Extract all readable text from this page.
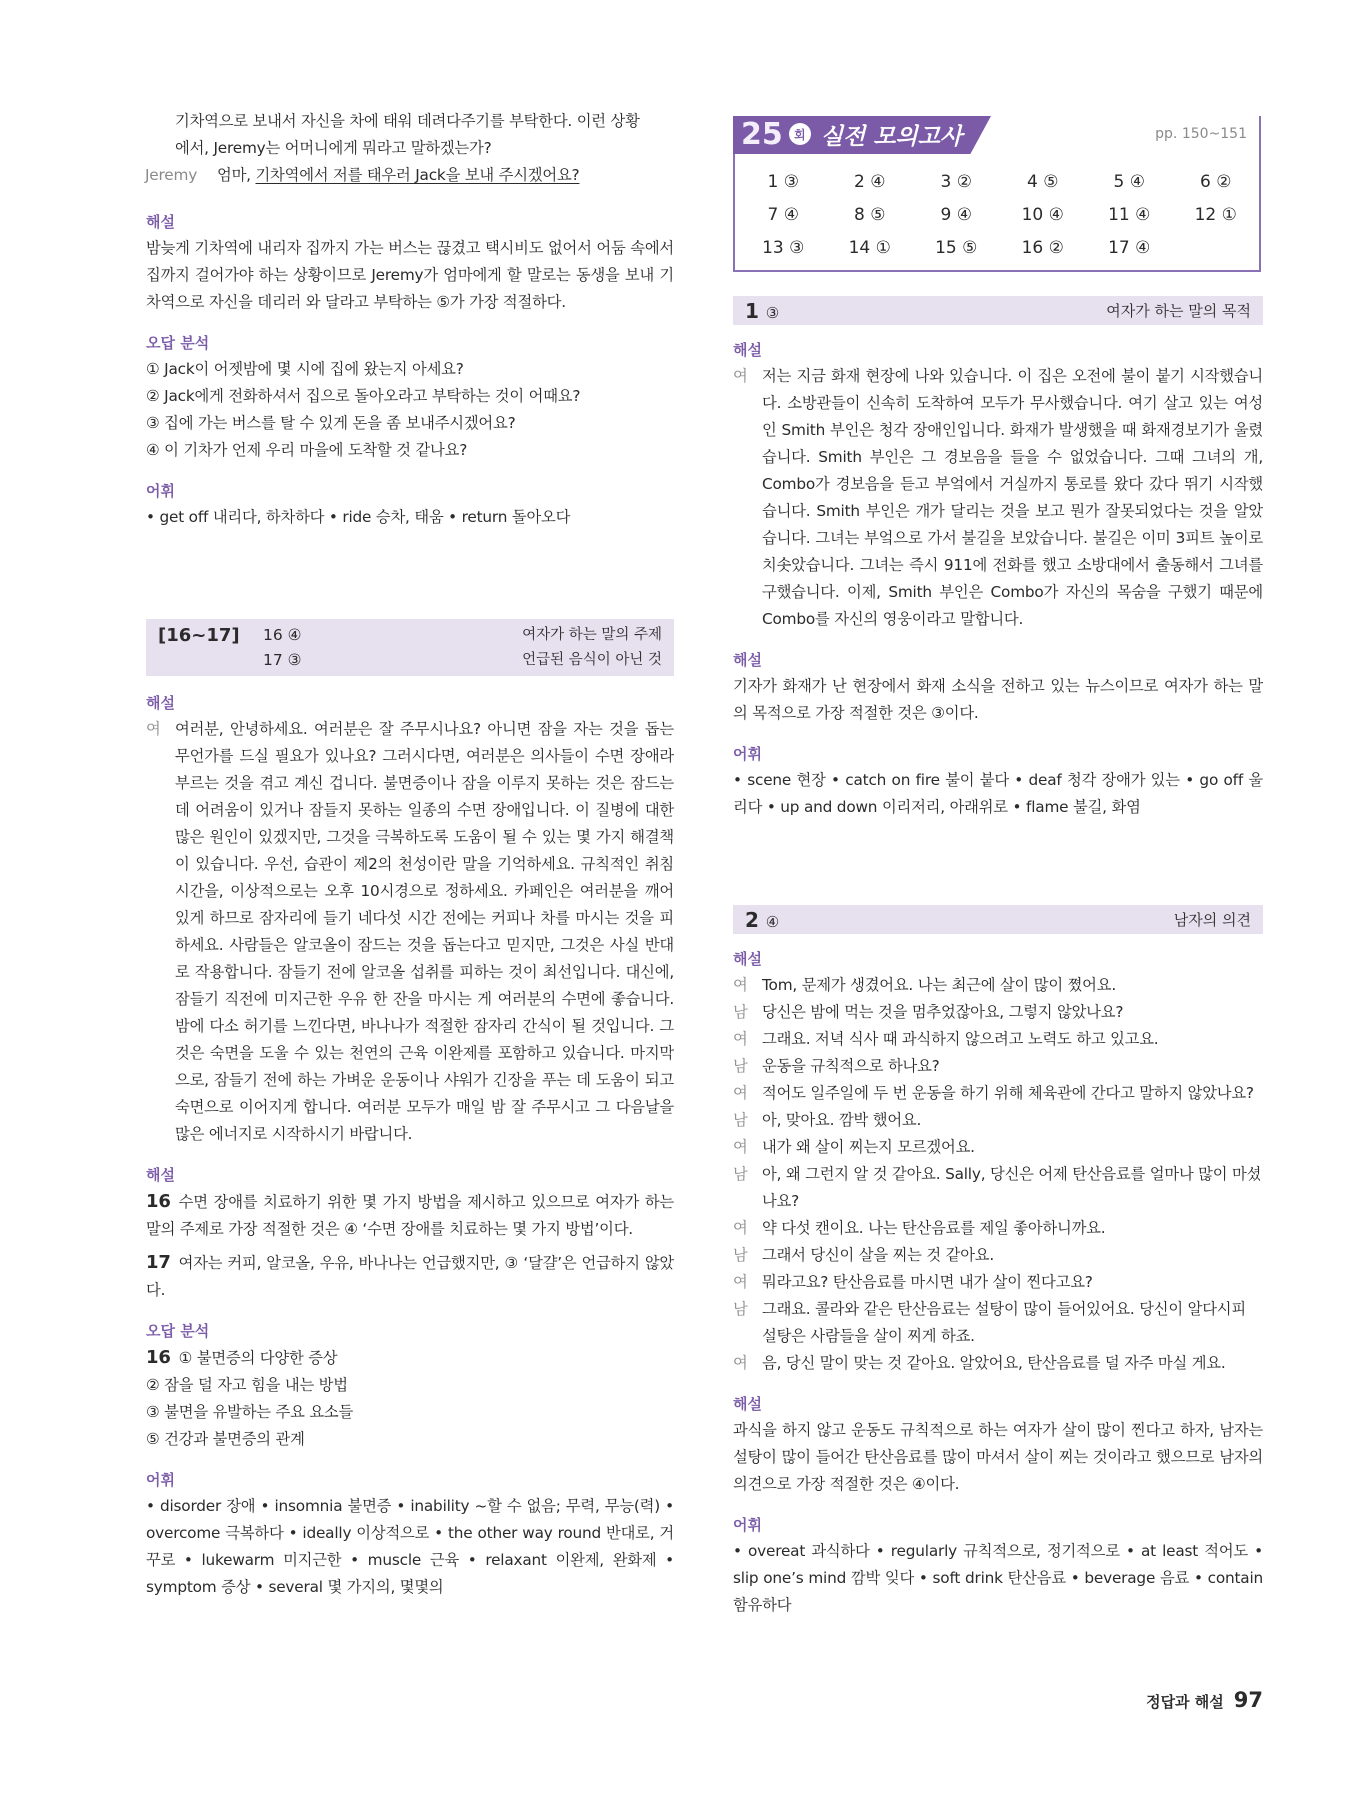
기차역으로 보내서 자신을 차에 태워 데려다주기를 부탁한다. 이런 상황
에서, Jeremy는 어머니에게 뭐라고 말하겠는가?
Jeremy 엄마, 기차역에서 저를 태우러 Jack을 보내 주시겠어요?
해설
밤늦게 기차역에 내리자 집까지 가는 버스는 끊겼고 택시비도 없어서 어둠 속에서 집까지 걸어가야 하는 상황이므로 Jeremy가 엄마에게 할 말로는 동생을 보내 기차역으로 자신을 데리러 와 달라고 부탁하는 ⑤가 가장 적절하다.
오답 분석
① Jack이 어젯밤에 몇 시에 집에 왔는지 아세요?
② Jack에게 전화하셔서 집으로 돌아오라고 부탁하는 것이 어때요?
③ 집에 가는 버스를 탈 수 있게 돈을 좀 보내주시겠어요?
④ 이 기차가 언제 우리 마을에 도착할 것 같나요?
어휘
• get off 내리다, 하차하다 • ride 승차, 태움 • return 돌아오다
[16~17]	16 ④	여자가 하는 말의 주제
17 ③	언급된 음식이 아닌 것
해설
여 여러분, 안녕하세요. 여러분은 잘 주무시나요? 아니면 잠을 자는 것을 돕는 무언가를 드실 필요가 있나요? 그러시다면, 여러분은 의사들이 수면 장애라 부르는 것을 겪고 계신 겁니다. 불면증이나 잠을 이루지 못하는 것은 잠드는 데 어려움이 있거나 잠들지 못하는 일종의 수면 장애입니다. 이 질병에 대한 많은 원인이 있겠지만, 그것을 극복하도록 도움이 될 수 있는 몇 가지 해결책이 있습니다. 우선, 습관이 제2의 천성이란 말을 기억하세요. 규칙적인 취침 시간을, 이상적으로는 오후 10시경으로 정하세요. 카페인은 여러분을 깨어 있게 하므로 잠자리에 들기 네다섯 시간 전에는 커피나 차를 마시는 것을 피하세요. 사람들은 알코올이 잠드는 것을 돕는다고 믿지만, 그것은 사실 반대로 작용합니다. 잠들기 전에 알코올 섭취를 피하는 것이 최선입니다. 대신에, 잠들기 직전에 미지근한 우유 한 잔을 마시는 게 여러분의 수면에 좋습니다. 밤에 다소 허기를 느낀다면, 바나나가 적절한 잠자리 간식이 될 것입니다. 그것은 숙면을 도울 수 있는 천연의 근육 이완제를 포함하고 있습니다. 마지막으로, 잠들기 전에 하는 가벼운 운동이나 샤워가 긴장을 푸는 데 도움이 되고 숙면으로 이어지게 합니다. 여러분 모두가 매일 밤 잘 주무시고 그 다음날을 많은 에너지로 시작하시기 바랍니다.
해설
16 수면 장애를 치료하기 위한 몇 가지 방법을 제시하고 있으므로 여자가 하는 말의 주제로 가장 적절한 것은 ④ ‘수면 장애를 치료하는 몇 가지 방법’이다.
17 여자는 커피, 알코올, 우유, 바나나는 언급했지만, ③ ‘달걀’은 언급하지 않았다.
오답 분석
16 ① 불면증의 다양한 증상
② 잠을 덜 자고 힘을 내는 방법
③ 불면을 유발하는 주요 요소들
⑤ 건강과 불면증의 관계
어휘
• disorder 장애 • insomnia 불면증 • inability ~할 수 없음; 무력, 무능(력) • overcome 극복하다 • ideally 이상적으로 • the other way round 반대로, 거꾸로 • lukewarm 미지근한 • muscle 근육 • relaxant 이완제, 완화제 • symptom 증상 • several 몇 가지의, 몇몇의
25 회 실전 모의고사	pp. 150~151
1 ③	2 ④	3 ②	4 ⑤	5 ④	6 ②
7 ④	8 ⑤	9 ④	10 ④	11 ④	12 ①
13 ③	14 ①	15 ⑤	16 ②	17 ④
1 ③	여자가 하는 말의 목적
해설
여 저는 지금 화재 현장에 나와 있습니다. 이 집은 오전에 불이 붙기 시작했습니다. 소방관들이 신속히 도착하여 모두가 무사했습니다. 여기 살고 있는 여성인 Smith 부인은 청각 장애인입니다. 화재가 발생했을 때 화재경보기가 울렸습니다. Smith 부인은 그 경보음을 들을 수 없었습니다. 그때 그녀의 개, Combo가 경보음을 듣고 부엌에서 거실까지 통로를 왔다 갔다 뛰기 시작했습니다. Smith 부인은 개가 달리는 것을 보고 뭔가 잘못되었다는 것을 알았습니다. 그녀는 부엌으로 가서 불길을 보았습니다. 불길은 이미 3피트 높이로 치솟았습니다. 그녀는 즉시 911에 전화를 했고 소방대에서 출동해서 그녀를 구했습니다. 이제, Smith 부인은 Combo가 자신의 목숨을 구했기 때문에 Combo를 자신의 영웅이라고 말합니다.
해설
기자가 화재가 난 현장에서 화재 소식을 전하고 있는 뉴스이므로 여자가 하는 말의 목적으로 가장 적절한 것은 ③이다.
어휘
• scene 현장 • catch on fire 불이 붙다 • deaf 청각 장애가 있는 • go off 울리다 • up and down 이리저리, 아래위로 • flame 불길, 화염
2 ④	남자의 의견
해설
여 Tom, 문제가 생겼어요. 나는 최근에 살이 많이 쪘어요.
남 당신은 밤에 먹는 것을 멈추었잖아요, 그렇지 않았나요?
여 그래요. 저녁 식사 때 과식하지 않으려고 노력도 하고 있고요.
남 운동을 규칙적으로 하나요?
여 적어도 일주일에 두 번 운동을 하기 위해 체육관에 간다고 말하지 않았나요?
남 아, 맞아요. 깜박 했어요.
여 내가 왜 살이 찌는지 모르겠어요.
남 아, 왜 그런지 알 것 같아요. Sally, 당신은 어제 탄산음료를 얼마나 많이 마셨나요?
여 약 다섯 캔이요. 나는 탄산음료를 제일 좋아하니까요.
남 그래서 당신이 살을 찌는 것 같아요.
여 뭐라고요? 탄산음료를 마시면 내가 살이 찐다고요?
남 그래요. 콜라와 같은 탄산음료는 설탕이 많이 들어있어요. 당신이 알다시피 설탕은 사람들을 살이 찌게 하죠.
여 음, 당신 말이 맞는 것 같아요. 알았어요, 탄산음료를 덜 자주 마실 게요.
해설
과식을 하지 않고 운동도 규칙적으로 하는 여자가 살이 많이 찐다고 하자, 남자는 설탕이 많이 들어간 탄산음료를 많이 마셔서 살이 찌는 것이라고 했으므로 남자의 의견으로 가장 적절한 것은 ④이다.
어휘
• overeat 과식하다 • regularly 규칙적으로, 정기적으로 • at least 적어도 • slip one’s mind 깜박 잊다 • soft drink 탄산음료 • beverage 음료 • contain 함유하다
정답과 해설 97
